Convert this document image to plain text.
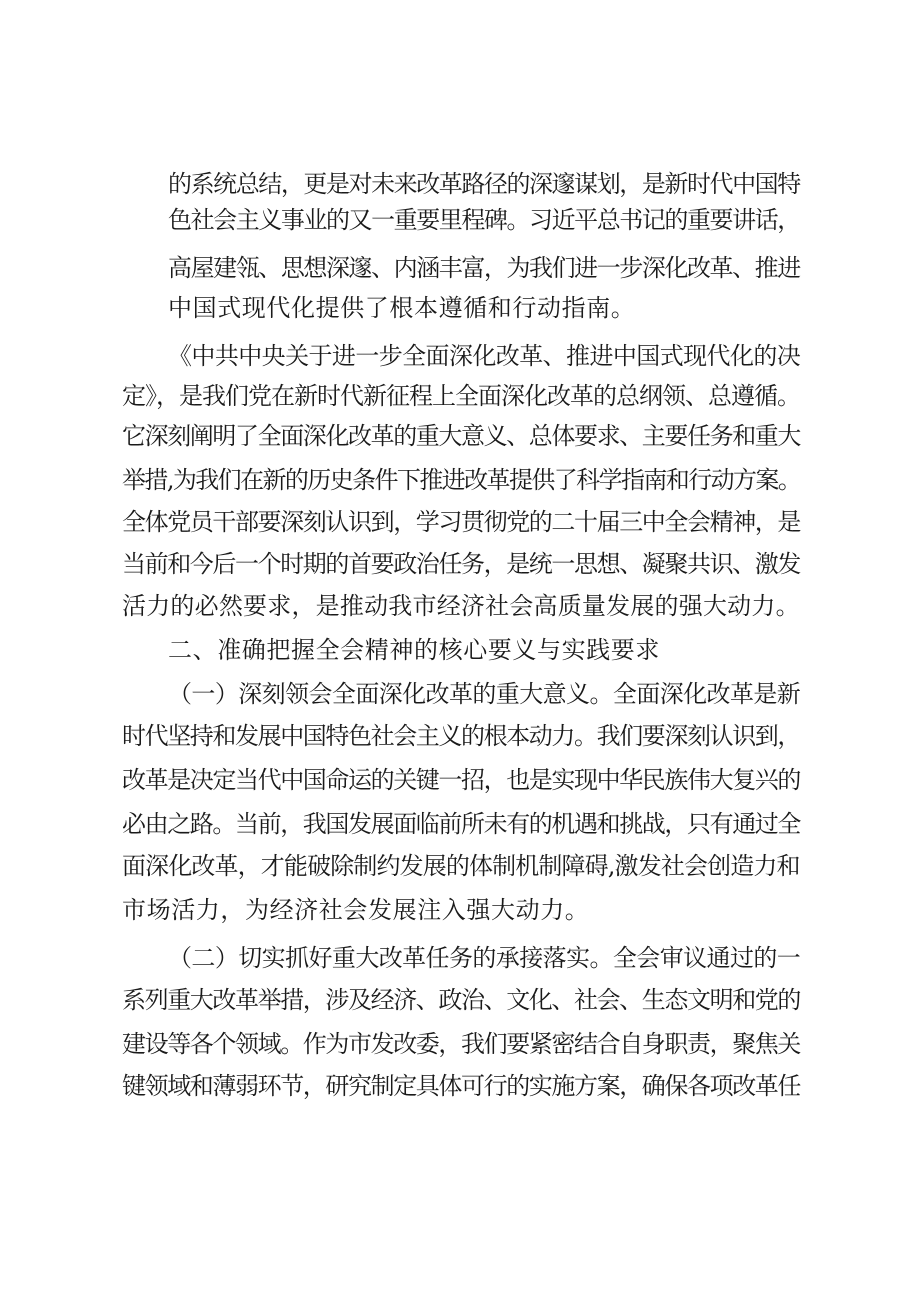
的系统总结，更是对未来改革路径的深邃谋划，是新时代中国特
色社会主义事业的又一重要里程碑。习近平总书记的重要讲话，
高屋建瓴、思想深邃、内涵丰富，为我们进一步深化改革、推进
中国式现代化提供了根本遵循和行动指南。
《中共中央关于进一步全面深化改革、推进中国式现代化的决
定》，是我们党在新时代新征程上全面深化改革的总纲领、总遵循。
它深刻阐明了全面深化改革的重大意义、总体要求、主要任务和重大
举措,为我们在新的历史条件下推进改革提供了科学指南和行动方案。
全体党员干部要深刻认识到，学习贯彻党的二十届三中全会精神，是
当前和今后一个时期的首要政治任务，是统一思想、凝聚共识、激发
活力的必然要求，是推动我市经济社会高质量发展的强大动力。
二、准确把握全会精神的核心要义与实践要求
（一）深刻领会全面深化改革的重大意义。全面深化改革是新
时代坚持和发展中国特色社会主义的根本动力。我们要深刻认识到，
改革是决定当代中国命运的关键一招，也是实现中华民族伟大复兴的
必由之路。当前，我国发展面临前所未有的机遇和挑战，只有通过全
面深化改革，才能破除制约发展的体制机制障碍,激发社会创造力和
市场活力，为经济社会发展注入强大动力。
（二）切实抓好重大改革任务的承接落实。全会审议通过的一
系列重大改革举措，涉及经济、政治、文化、社会、生态文明和党的
建设等各个领域。作为市发改委，我们要紧密结合自身职责，聚焦关
键领域和薄弱环节，研究制定具体可行的实施方案，确保各项改革任
